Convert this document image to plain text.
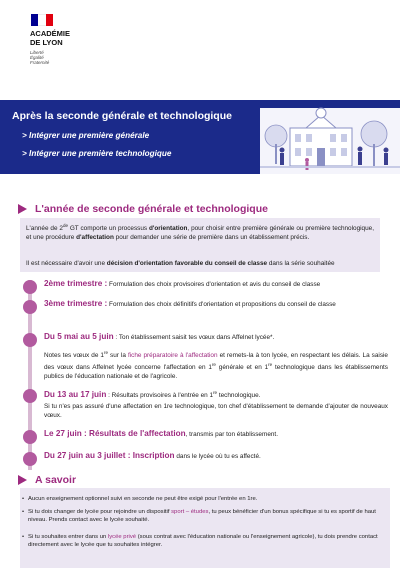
ACADÉMIE
DE LYON
Liberté
Égalité
Fraternité
Après la seconde générale et technologique
> Intégrer une première générale
> Intégrer une première technologique
L'année de seconde générale et technologique

L'année de 2de GT comporte un processus d'orientation, pour choisir entre première générale ou première technologique, et une procédure d'affectation pour demander une série de première dans un établissement précis.

Il est nécessaire d'avoir une décision d'orientation favorable du conseil de classe dans la série souhaitée

2ème trimestre : Formulation des choix provisoires d'orientation et avis du conseil de classe

3ème trimestre : Formulation des choix définitifs d'orientation et propositions du conseil de classe

Du 5 mai au 5 juin : Ton établissement saisit tes vœux dans Affelnet lycée*.

Notes tes vœux de 1re sur la fiche préparatoire à l'affectation et remets-la à ton lycée, en respectant les délais. La saisie des vœux dans Affelnet lycée concerne l'affectation en 1re générale et en 1re technologique dans les établissements publics de l'éducation nationale et de l'agricole.

Du 13 au 17 juin : Résultats provisoires à l'entrée en 1re technologique.

Si tu n'es pas assuré d'une affectation en 1re technologique, ton chef d'établissement te demande d'ajouter de nouveaux vœux.

Le 27 juin : Résultats de l'affectation, transmis par ton établissement.

Du 27 juin au 3 juillet : Inscription dans le lycée où tu es affecté.

A savoir

• Aucun enseignement optionnel suivi en seconde ne peut être exigé pour l'entrée en 1re.

• Si tu dois changer de lycée pour rejoindre un dispositif sport – études, tu peux bénéficier d'un bonus spécifique si tu es sportif de haut niveau. Prends contact avec le lycée souhaité.

• Si tu souhaites entrer dans un lycée privé (sous contrat avec l'éducation nationale ou l'enseignement agricole), tu dois prendre contact directement avec le lycée que tu souhaites intégrer.
